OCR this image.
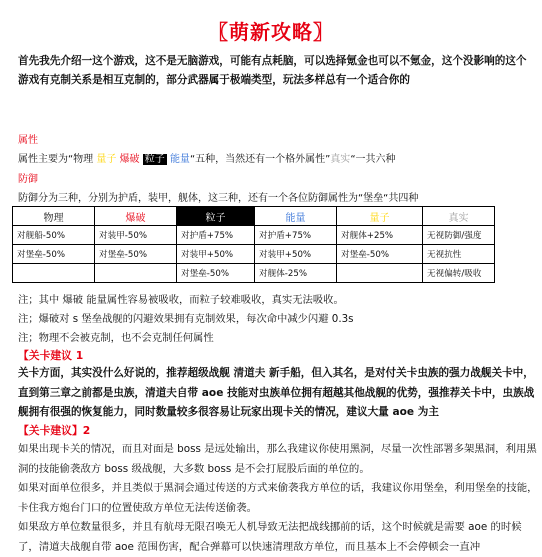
〖萌新攻略〗
首先我先介绍一这个游戏，这不是无脑游戏，可能有点耗脑，可以选择氪金也可以不氪金，这个没影响的这个游戏有克制关系是相互克制的，部分武器属于极端类型，玩法多样总有一个适合你的
属性
属性主要为“物理 量子 爆破 粒子 能量“五种，当然还有一个格外属性”真实“一共六种
防御
防御分为三种，分别为护盾，装甲，舰体，这三种，还有一个各位防御属性为“堡垒“共四种
物理	爆破	粒子	能量	量子	真实
对舰船-50%	对装甲-50%	对护盾+75%	对护盾+75%	对舰体+25%	无视防御/强度
对堡垒-50%	对堡垒-50%	对装甲+50%	对装甲+50%	对堡垒-50%	无视抗性
		对堡垒-50%	对舰体-25%		无视偏转/吸收
注；其中 爆破 能量属性容易被吸收，而粒子较难吸收，真实无法吸收。
注；爆破对 s 堡垒战舰的闪避效果拥有克制效果，每次命中减少闪避 0.3s
注；物理不会被克制，也不会克制任何属性
【关卡建议 1
关卡方面，其实没什么好说的，推荐超级战舰 清道夫 新手船，但入其名，是对付关卡虫族的强力战舰关卡中，直到第三章之前都是虫族，清道夫自带 aoe 技能对虫族单位拥有超越其他战舰的优势，强推荐关卡中，虫族战舰拥有很强的恢复能力，同时数量较多很容易让玩家出现卡关的情况，建议大量 aoe 为主
【关卡建议】2
如果出现卡关的情况，而且对面是 boss 是远处输出，那么我建议你使用黑洞，尽量一次性部署多架黑洞，利用黑洞的技能偷袭敌方 boss 级战舰，大多数 boss 是不会打屁股后面的单位的。
如果对面单位很多，并且类似于黑洞会通过传送的方式来偷袭我方单位的话，我建议你用堡垒，利用堡垒的技能，卡住我方炮台门口的位置使敌方单位无法传送偷袭。
如果敌方单位数量很多，并且有航母无限召唤无人机导致无法把战线挪前的话，这个时候就是需要 aoe 的时候了，清道夫战舰自带 aoe 范围伤害，配合弹幕可以快速清理敌方单位，而且基本上不会停顿会一直冲
